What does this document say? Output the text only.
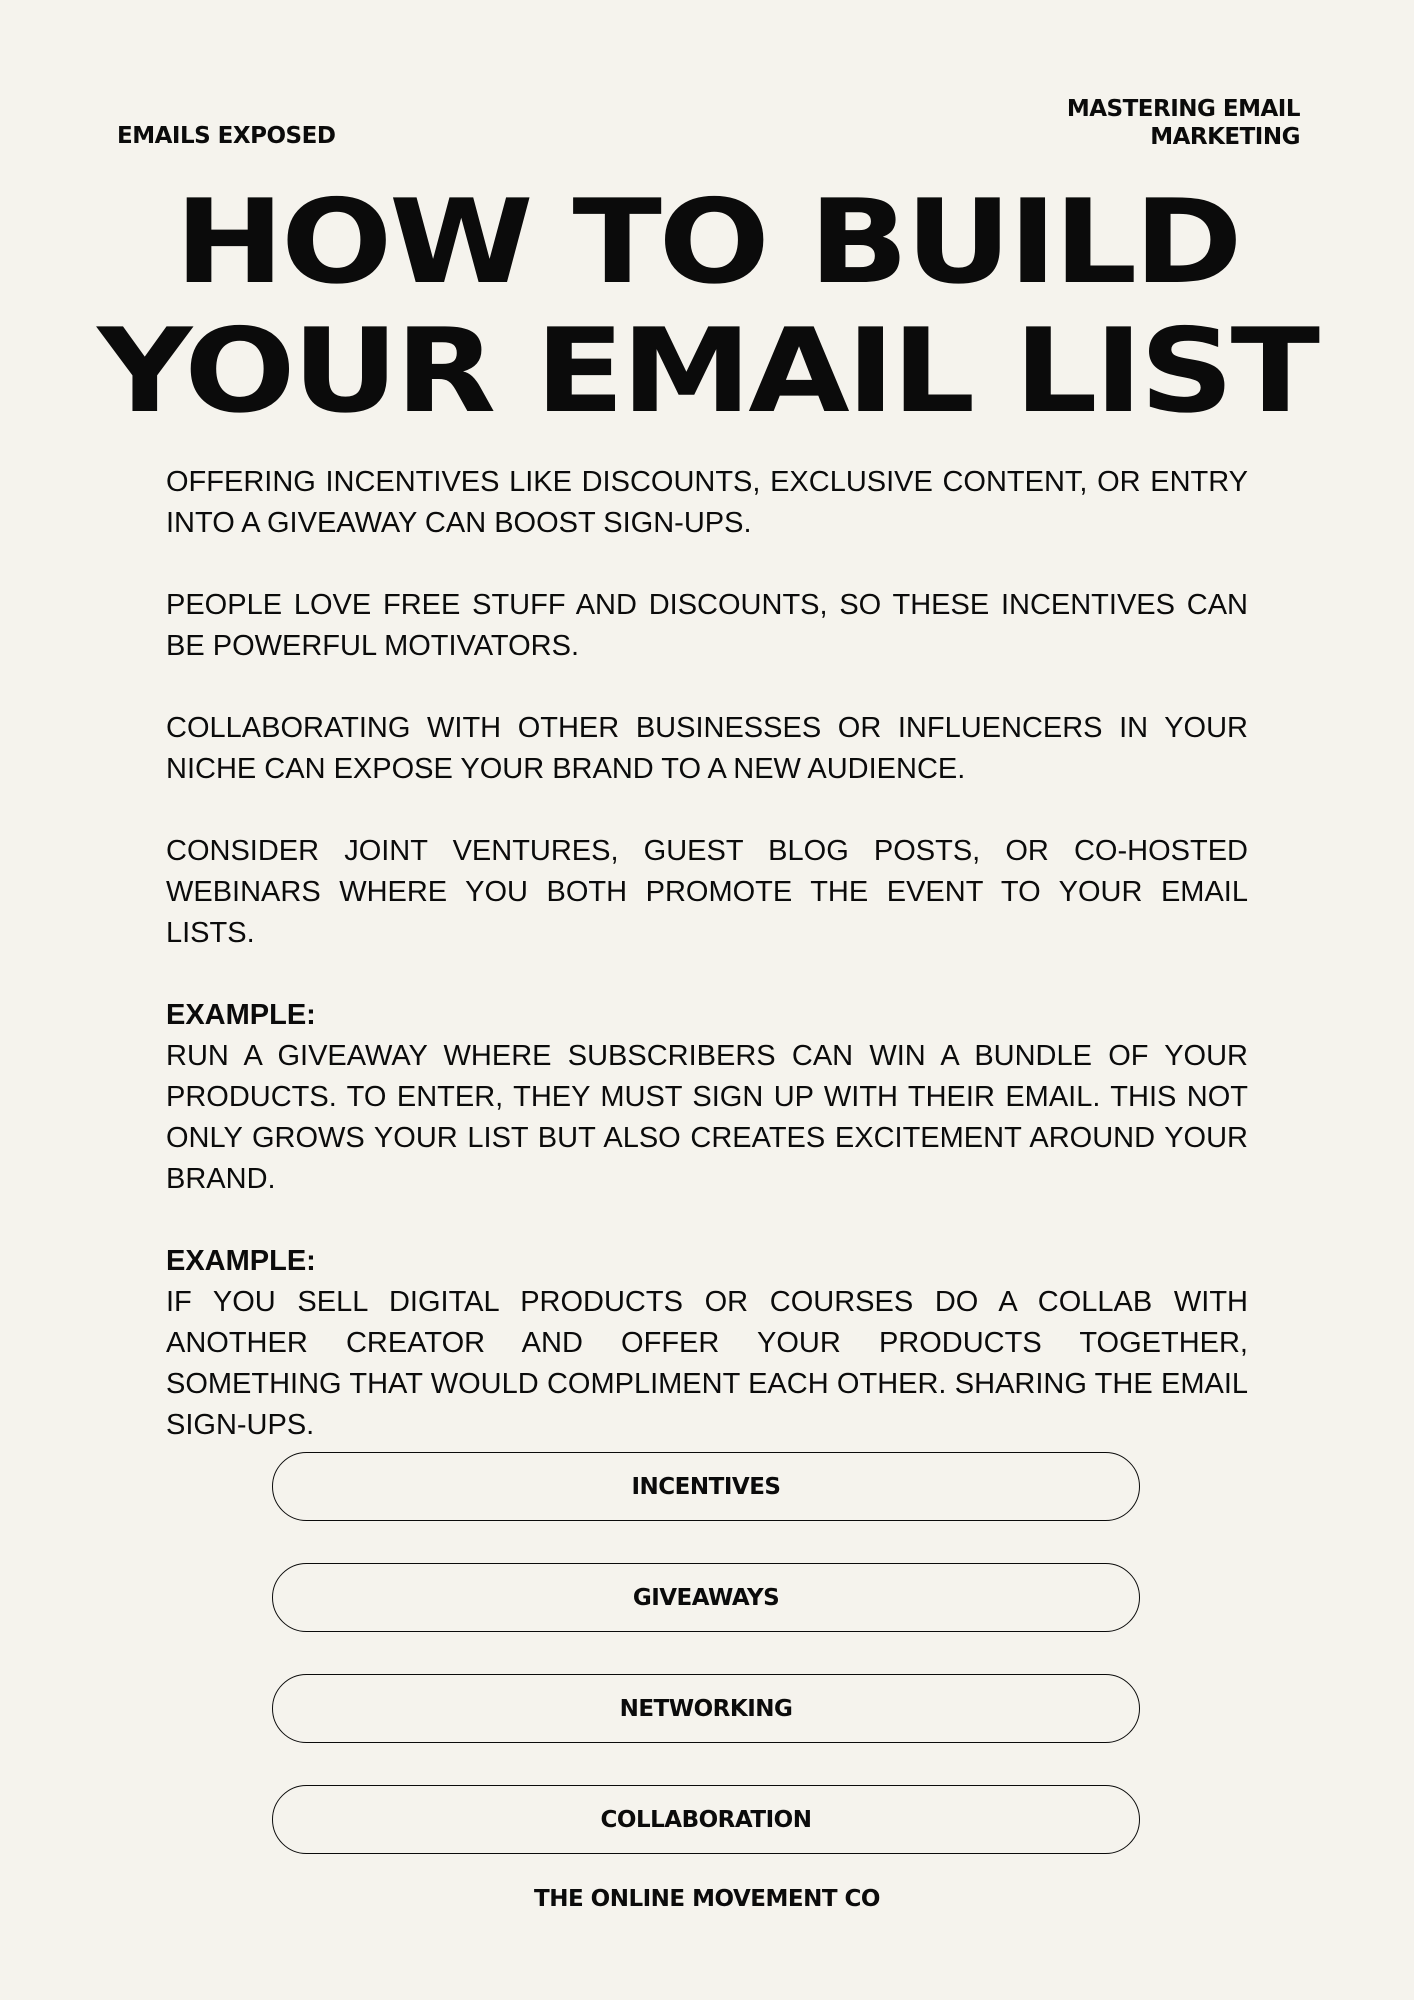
EMAILS EXPOSED
MASTERING EMAIL
MARKETING
HOW TO BUILD
YOUR EMAIL LIST

OFFERING INCENTIVES LIKE DISCOUNTS, EXCLUSIVE CONTENT, OR ENTRY INTO A GIVEAWAY CAN BOOST SIGN-UPS.

PEOPLE LOVE FREE STUFF AND DISCOUNTS, SO THESE INCENTIVES CAN BE POWERFUL MOTIVATORS.

COLLABORATING WITH OTHER BUSINESSES OR INFLUENCERS IN YOUR NICHE CAN EXPOSE YOUR BRAND TO A NEW AUDIENCE.

CONSIDER JOINT VENTURES, GUEST BLOG POSTS, OR CO-HOSTED WEBINARS WHERE YOU BOTH PROMOTE THE EVENT TO YOUR EMAIL LISTS.

EXAMPLE:
RUN A GIVEAWAY WHERE SUBSCRIBERS CAN WIN A BUNDLE OF YOUR PRODUCTS. TO ENTER, THEY MUST SIGN UP WITH THEIR EMAIL. THIS NOT ONLY GROWS YOUR LIST BUT ALSO CREATES EXCITEMENT AROUND YOUR BRAND.

EXAMPLE:
IF YOU SELL DIGITAL PRODUCTS OR COURSES DO A COLLAB WITH ANOTHER CREATOR AND OFFER YOUR PRODUCTS TOGETHER, SOMETHING THAT WOULD COMPLIMENT EACH OTHER. SHARING THE EMAIL SIGN-UPS.

INCENTIVES
GIVEAWAYS
NETWORKING
COLLABORATION
THE ONLINE MOVEMENT CO
